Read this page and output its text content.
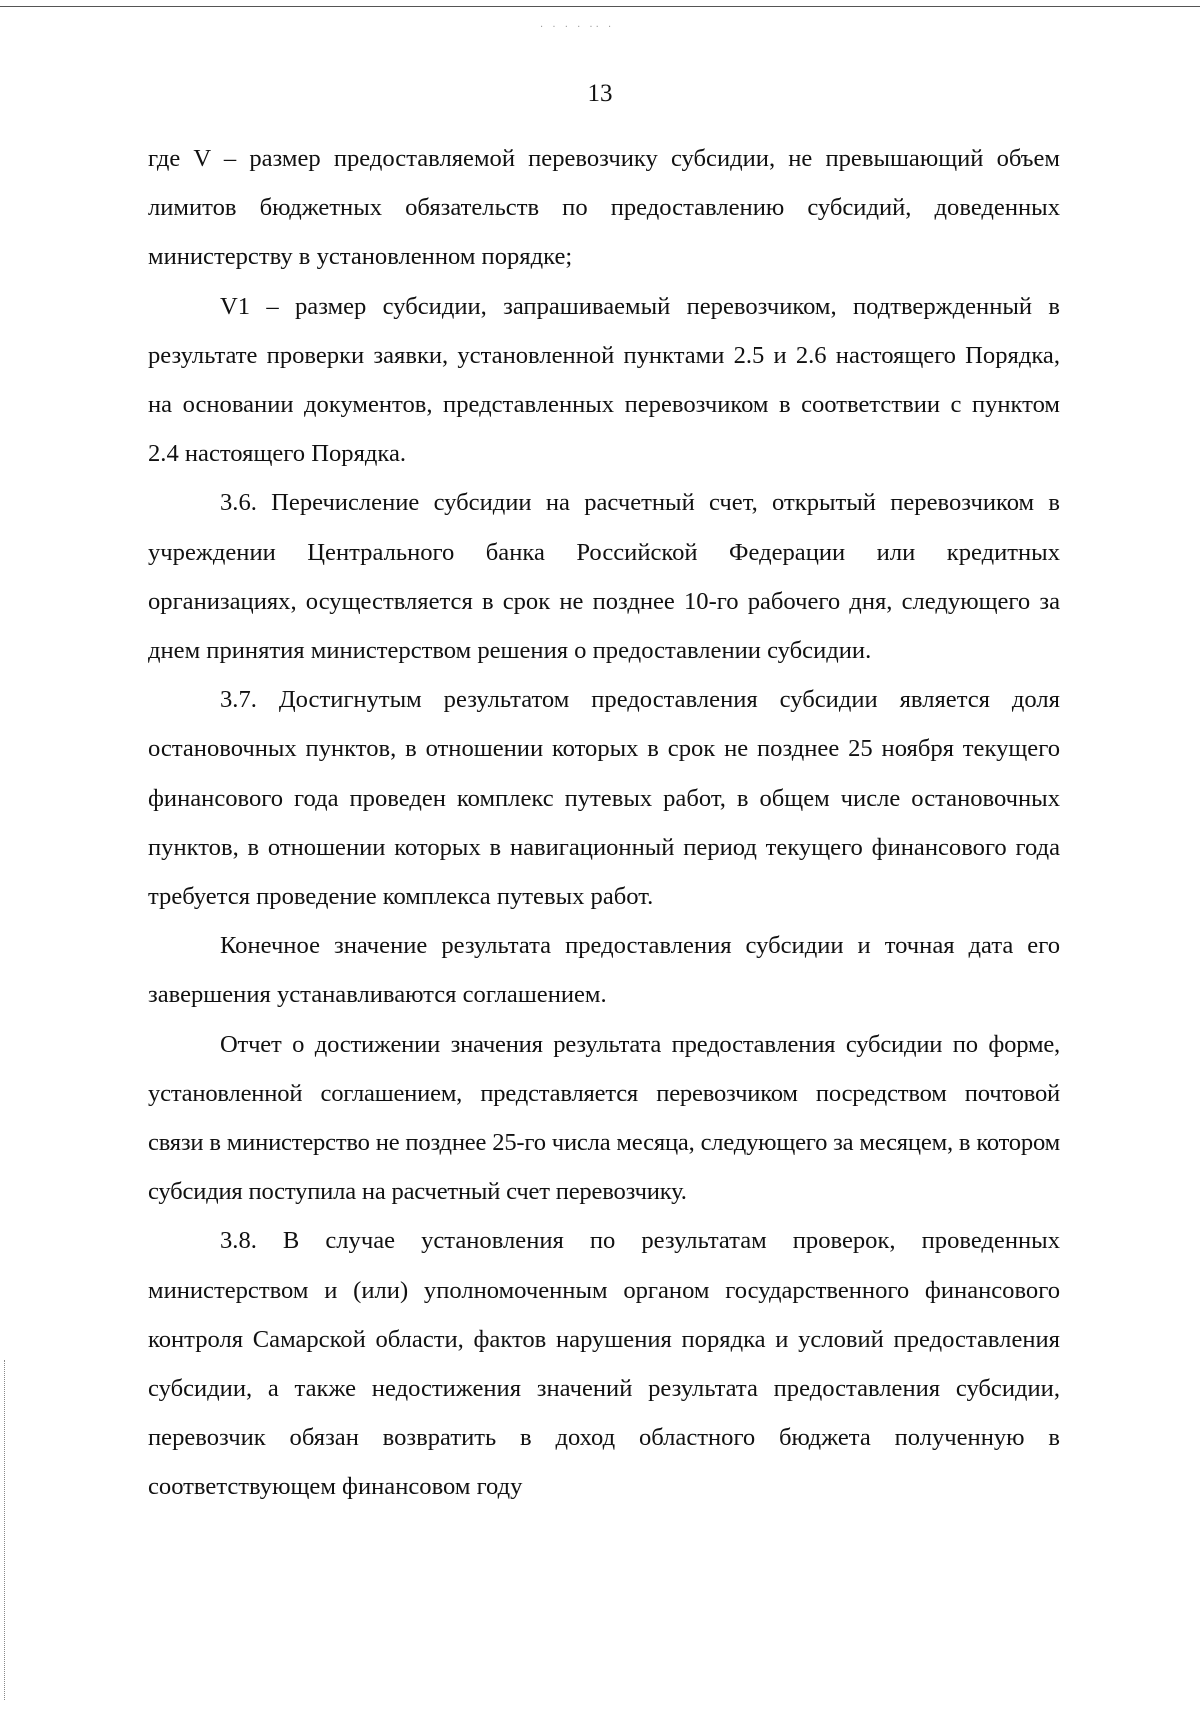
· · · · ·· ·
13

где V – размер предоставляемой перевозчику субсидии, не превышающий объем лимитов бюджетных обязательств по предоставлению субсидий, доведенных министерству в установленном порядке;

V1 – размер субсидии, запрашиваемый перевозчиком, подтвержденный в результате проверки заявки, установленной пунктами 2.5 и 2.6 настоящего Порядка, на основании документов, представленных перевозчиком в соответствии с пунктом 2.4 настоящего Порядка.

3.6. Перечисление субсидии на расчетный счет, открытый перевозчиком в учреждении Центрального банка Российской Федерации или кредитных организациях, осуществляется в срок не позднее 10-го рабочего дня, следующего за днем принятия министерством решения о предоставлении субсидии.

3.7. Достигнутым результатом предоставления субсидии является доля остановочных пунктов, в отношении которых в срок не позднее 25 ноября текущего финансового года проведен комплекс путевых работ, в общем числе остановочных пунктов, в отношении которых в навигационный период текущего финансового года требуется проведение комплекса путевых работ.

Конечное значение результата предоставления субсидии и точная дата его завершения устанавливаются соглашением.

Отчет о достижении значения результата предоставления субсидии по форме, установленной соглашением, представляется перевозчиком посредством почтовой связи в министерство не позднее 25-го числа месяца, следующего за месяцем, в котором субсидия поступила на расчетный счет перевозчику.

3.8. В случае установления по результатам проверок, проведенных министерством и (или) уполномоченным органом государственного финансового контроля Самарской области, фактов нарушения порядка и условий предоставления субсидии, а также недостижения значений результата предоставления субсидии, перевозчик обязан возвратить в доход областного бюджета полученную в соответствующем финансовом году
